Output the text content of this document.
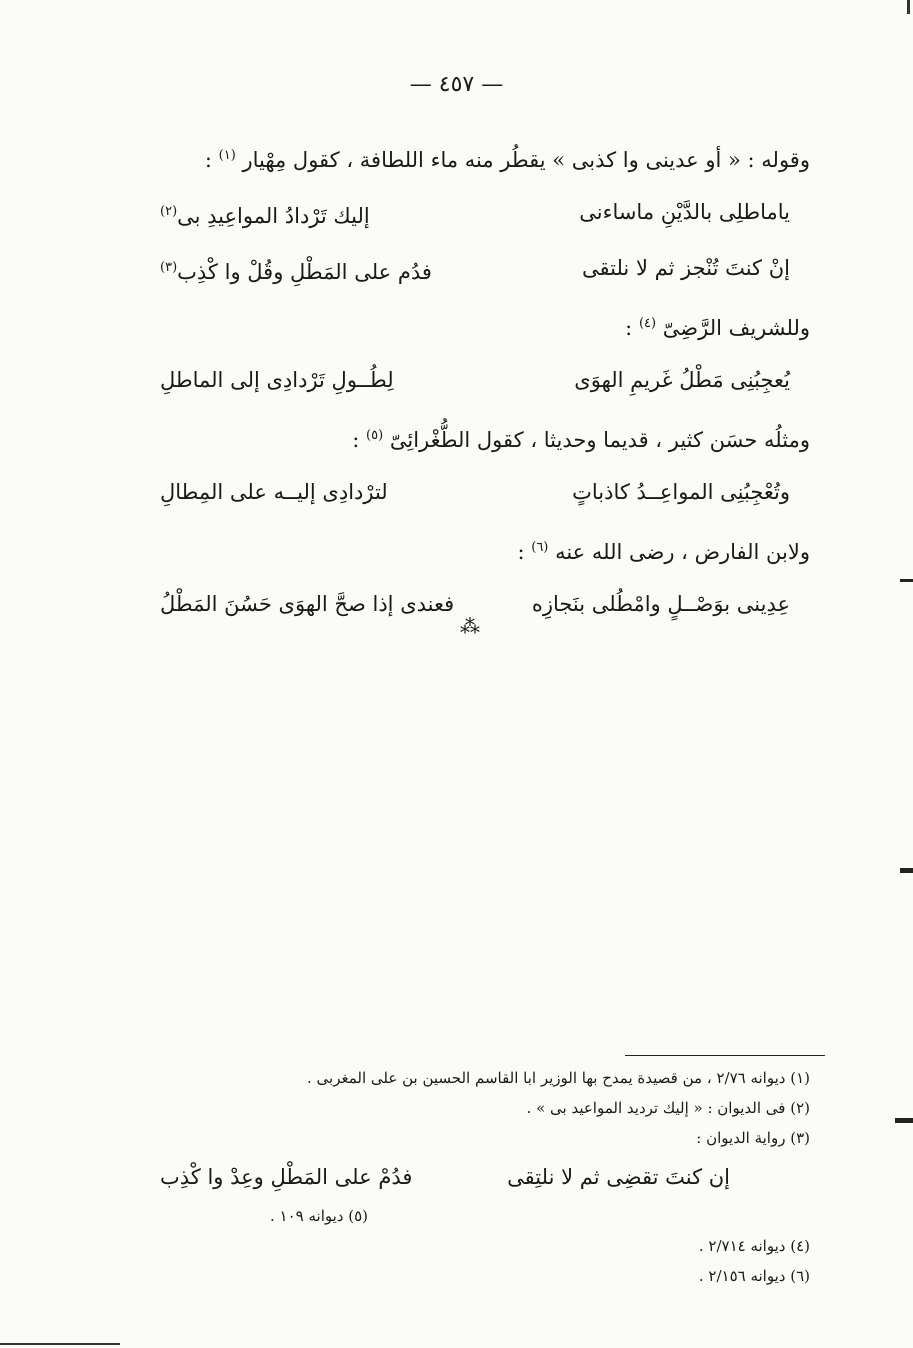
— ٤٥٧ —
وقوله : « أو عدينى وا كذبى » يقطُر منه ماء اللطافة ، كقول مِهْيار $^{(١)}$ :
ياماطلِى بالدَّيْنِ ماساءنى
إليك تَرْدادُ المواعِيدِ بى$^{(٢)}$
إنْ كنتَ تُنْجز ثم لا نلتقى
فدُم على المَطْلِ وقُلْ وا كْذِب$^{(٣)}$
وللشريف الرَّضِىّ $^{(٤)}$ :
يُعجِبُنِى مَطْلُ غَريمِ الهوَى
لِطُــولِ تَرْدادِى إلى الماطلِ
ومثلُه حسَن كثير ، قديما وحديثا ، كقول الطُّغْرائِىّ $^{(٥)}$ :
وتُعْجِبُنِى المواعِــدُ كاذباتٍ
لترْدادِى إليــه على المِطالِ
ولابن الفارض ، رضى الله عنه $^{(٦)}$ :
عِدِينى بوَصْــلٍ وامْطُلى بنَجازِه
فعندى إذا صحَّ الهوَى حَسُنَ المَطْلُ
⁂
(١) ديوانه ٢/٧٦ ، من قصيدة يمدح بها الوزير ابا القاسم الحسين بن على المغربى .
(٢) فى الديوان : « إليك ترديد المواعيد بى » .
(٣) رواية الديوان :
إن كنتَ تقضِى ثم لا نلتِقى
فدُمْ على المَطْلِ وعِدْ وا كْذِب
(٥) ديوانه ١٠٩ .
(٤) ديوانه ٢/٧١٤ .
(٦) ديوانه ٢/١٥٦ .
